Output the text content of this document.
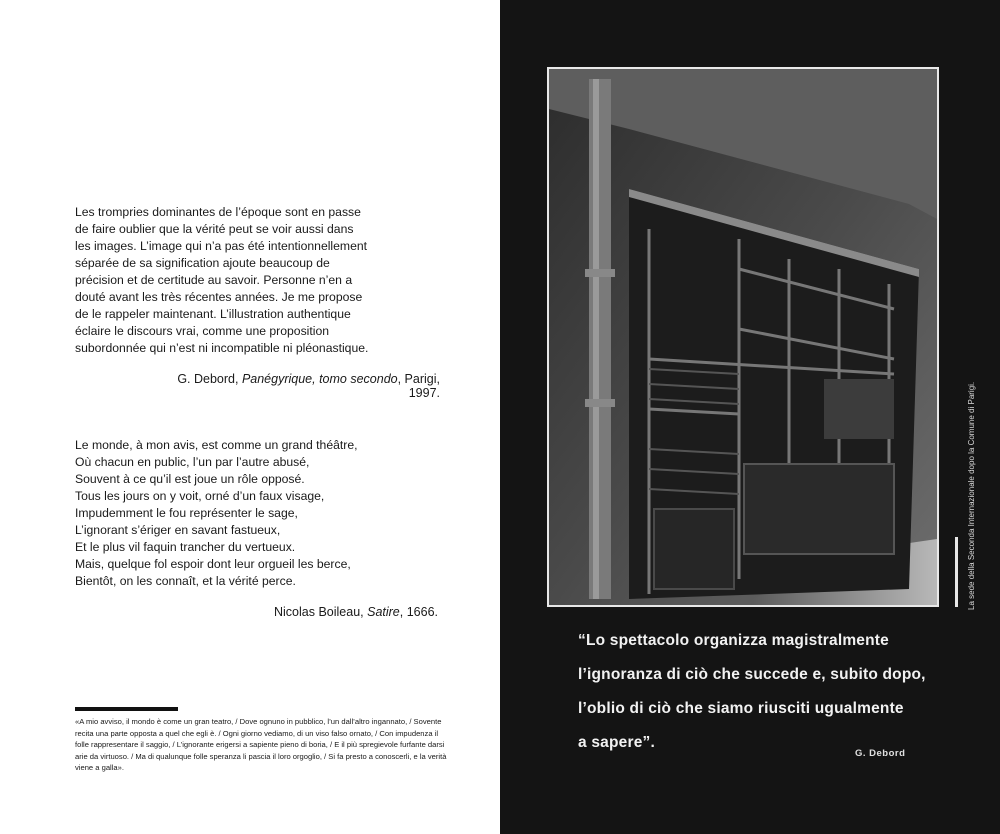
Les trompries dominantes de l’époque sont en passe

de faire oublier que la vérité peut se voir aussi dans

les images. L’image qui n’a pas été intentionnellement

séparée de sa signification ajoute beaucoup de

précision et de certitude au savoir. Personne n’en a

douté avant les très récentes années. Je me propose

de le rappeler maintenant. L’illustration authentique

éclaire le discours vrai, comme une proposition

subordonnée qui n’est ni incompatible ni pléonastique.

G. Debord, Panégyrique, tomo secondo, Parigi, 1997.

Le monde, à mon avis, est comme un grand théâtre,

Où chacun en public, l’un par l’autre abusé,

Souvent à ce qu’il est joue un rôle opposé.

Tous les jours on y voit, orné d’un faux visage,

Impudemment le fou représenter le sage,

L’ignorant s’ériger en savant fastueux,

Et le plus vil faquin trancher du vertueux.

Mais, quelque fol espoir dont leur orgueil les berce,

Bientôt, on les connaît, et la vérité perce.

Nicolas Boileau, Satire, 1666.
«A mio avviso, il mondo è come un gran teatro, / Dove ognuno in pubblico, l’un dall’altro ingannato, / Sovente recita una parte opposta a quel che egli è. / Ogni giorno vediamo, di un viso falso ornato, / Con impudenza il folle rappresentare il saggio, / L’ignorante erigersi a sapiente pieno di boria, / E il più spregievole furfante darsi arie da virtuoso. / Ma di qualunque folle speranza li pascia il loro orgoglio, / Si fa presto a conoscerli, e la verità viene a galla».
La sede della Seconda Internazionale dopo la Comune di Parigi.

“Lo spettacolo organizza magistralmente

l’ignoranza di ciò che succede e, subito dopo,

l’oblio di ciò che siamo riusciti ugualmente

a sapere”.

G. Debord
